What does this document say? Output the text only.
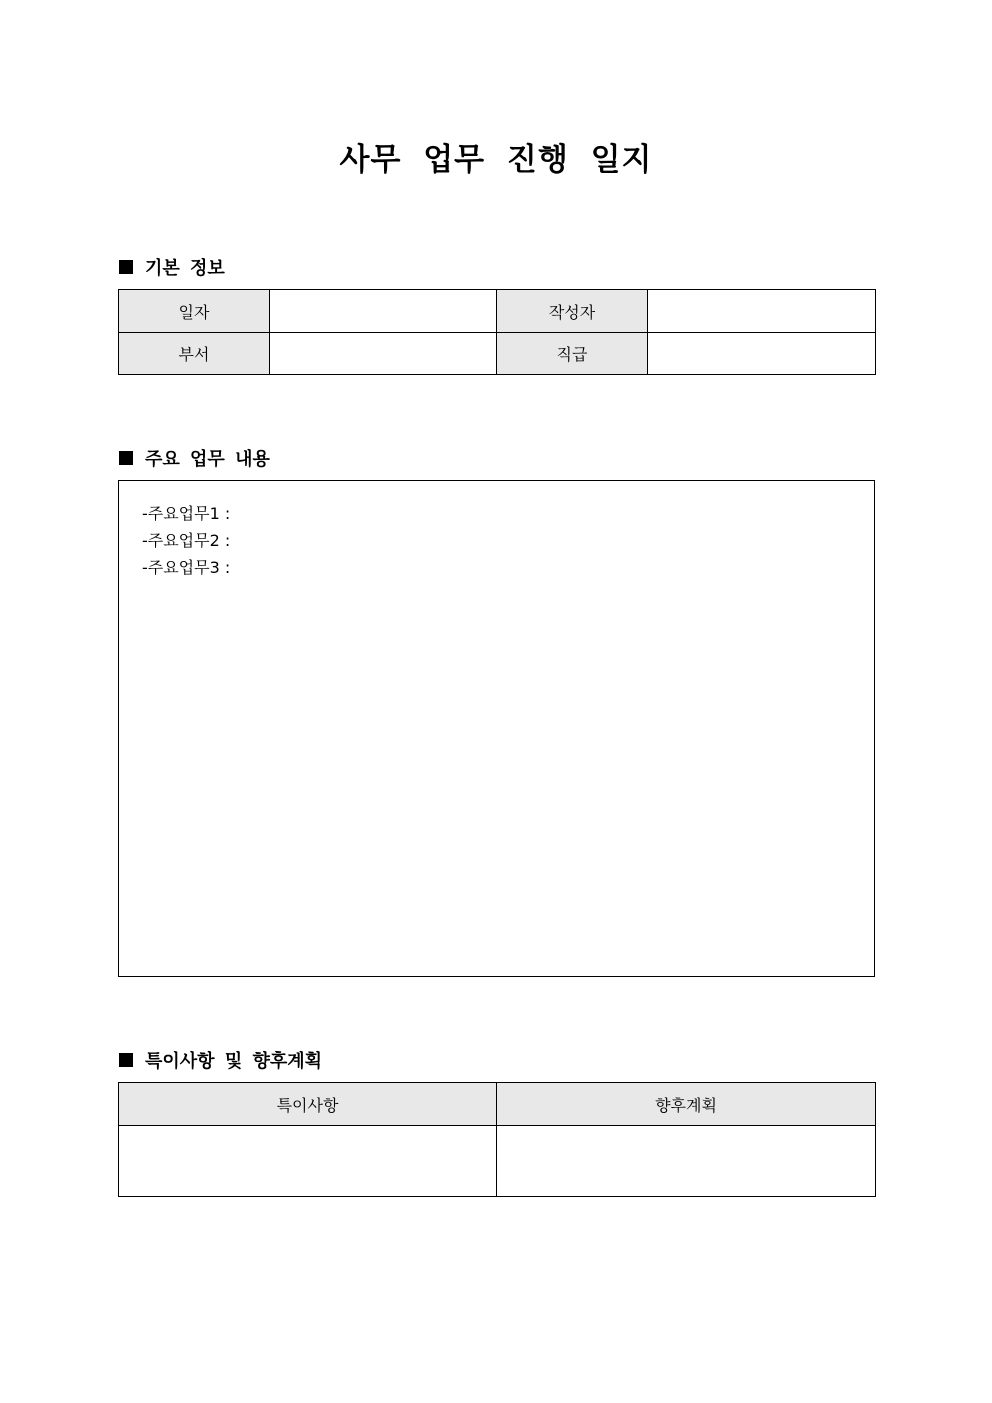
사무 업무 진행 일지
기본 정보
일자		작성자	
부서		직급	
주요 업무 내용
-주요업무1 :
-주요업무2 :
-주요업무3 :
특이사항 및 향후계획
특이사항	향후계획
